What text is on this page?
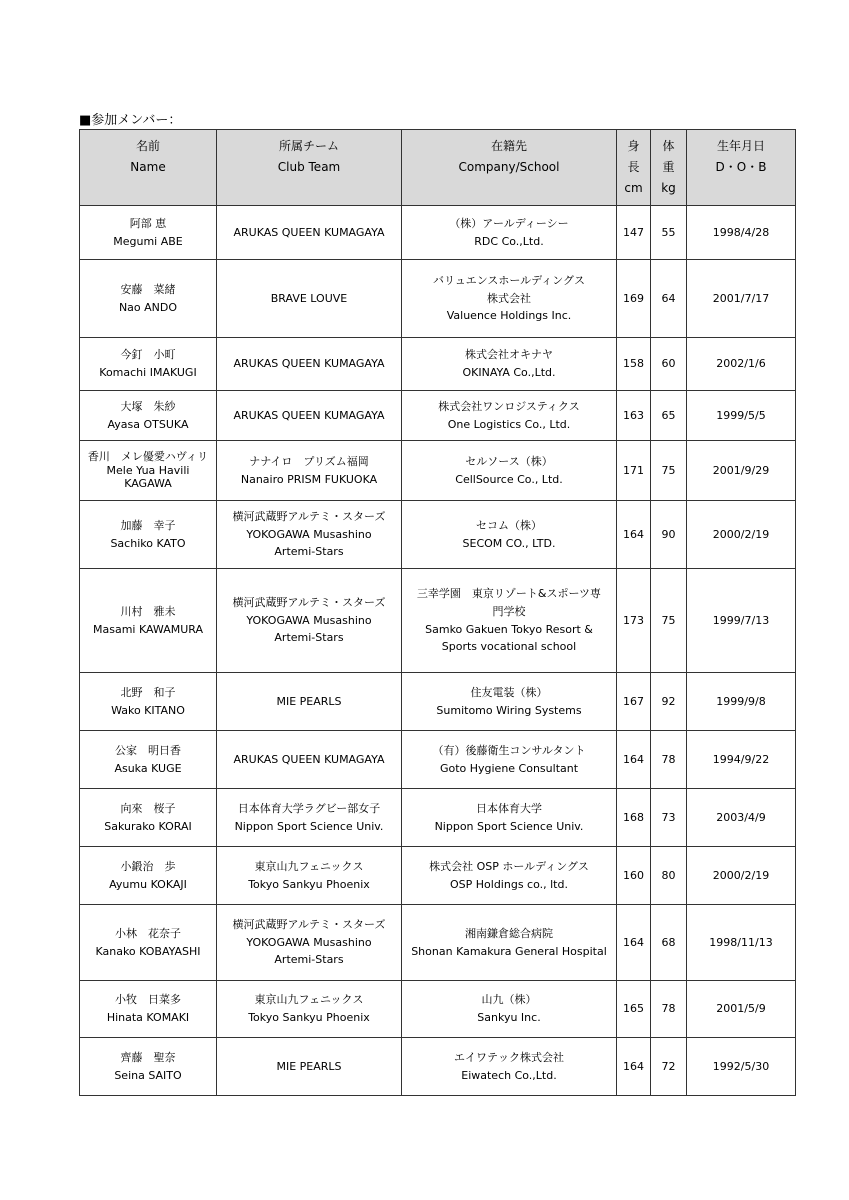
■参加メンバー：
名前
Name	所属チーム
Club Team	在籍先
Company/School	身
長
cm	体
重
kg	生年月日
D・O・B

阿部 恵
Megumi ABE	ARUKAS QUEEN KUMAGAYA	（株）アールディーシー
RDC Co.,Ltd.	147	55	1998/4/28

安藤　菜緒
Nao ANDO	BRAVE LOUVE	バリュエンスホールディングス
株式会社
Valuence Holdings Inc.	169	64	2001/7/17

今釘　小町
Komachi IMAKUGI	ARUKAS QUEEN KUMAGAYA	株式会社オキナヤ
OKINAYA Co.,Ltd.	158	60	2002/1/6

大塚　朱紗
Ayasa OTSUKA	ARUKAS QUEEN KUMAGAYA	株式会社ワンロジスティクス
One Logistics Co., Ltd.	163	65	1999/5/5

香川　メレ優愛ハヴィリ
Mele Yua Havili
KAGAWA	ナナイロ　プリズム福岡
Nanairo PRISM FUKUOKA	セルソース（株）
CellSource Co., Ltd.	171	75	2001/9/29

加藤　幸子
Sachiko KATO	横河武蔵野アルテミ・スターズ
YOKOGAWA Musashino
Artemi-Stars	セコム（株）
SECOM CO., LTD.	164	90	2000/2/19

川村　雅未
Masami KAWAMURA	横河武蔵野アルテミ・スターズ
YOKOGAWA Musashino
Artemi-Stars	三幸学園　東京リゾート&スポーツ専
門学校
Samko Gakuen Tokyo Resort &
Sports vocational school	173	75	1999/7/13

北野　和子
Wako KITANO	MIE PEARLS	住友電装（株）
Sumitomo Wiring Systems	167	92	1999/9/8

公家　明日香
Asuka KUGE	ARUKAS QUEEN KUMAGAYA	（有）後藤衛生コンサルタント
Goto Hygiene Consultant	164	78	1994/9/22

向來　桜子
Sakurako KORAI	日本体育大学ラグビー部女子
Nippon Sport Science Univ.	日本体育大学
Nippon Sport Science Univ.	168	73	2003/4/9

小鍛治　歩
Ayumu KOKAJI	東京山九フェニックス
Tokyo Sankyu Phoenix	株式会社 OSP ホールディングス
OSP Holdings co., ltd.	160	80	2000/2/19

小林　花奈子
Kanako KOBAYASHI	横河武蔵野アルテミ・スターズ
YOKOGAWA Musashino
Artemi-Stars	湘南鎌倉総合病院
Shonan Kamakura General Hospital	164	68	1998/11/13

小牧　日菜多
Hinata KOMAKI	東京山九フェニックス
Tokyo Sankyu Phoenix	山九（株）
Sankyu Inc.	165	78	2001/5/9

齊藤　聖奈
Seina SAITO	MIE PEARLS	エイワテック株式会社
Eiwatech Co.,Ltd.	164	72	1992/5/30
